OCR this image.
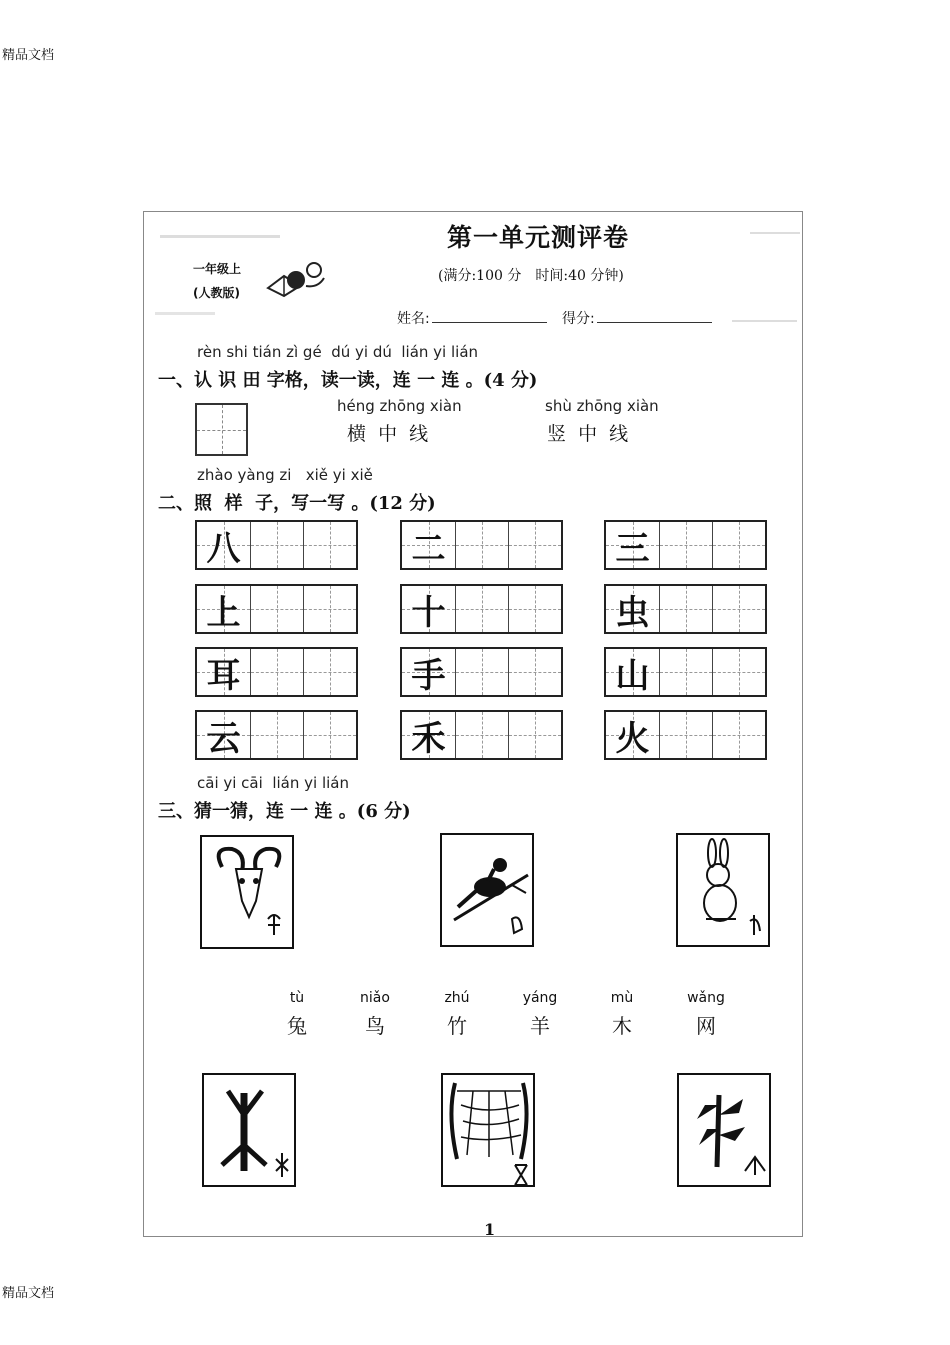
精品文档
精品文档
一年级上
(人教版)
第一单元测评卷
(满分:100 分　时间:40 分钟)
姓名:	得分:
rèn shi tián zì gé  dú yi dú  lián yi lián
一、认 识 田 字格，读一读，连 一 连 。(4 分)
héng zhōng xiàn
横  中  线
shù zhōng xiàn
竖  中  线
zhào yàng zi   xiě yi xiě
二、照  样  子，写一写 。(12 分)
八	二	三
上	十	虫
耳	手	山
云	禾	火
cāi yi cāi  lián yi lián
三、猜一猜，连 一 连 。(6 分)
tù
兔
niǎo
鸟
zhú
竹
yáng
羊
mù
木
wǎng
网
1
